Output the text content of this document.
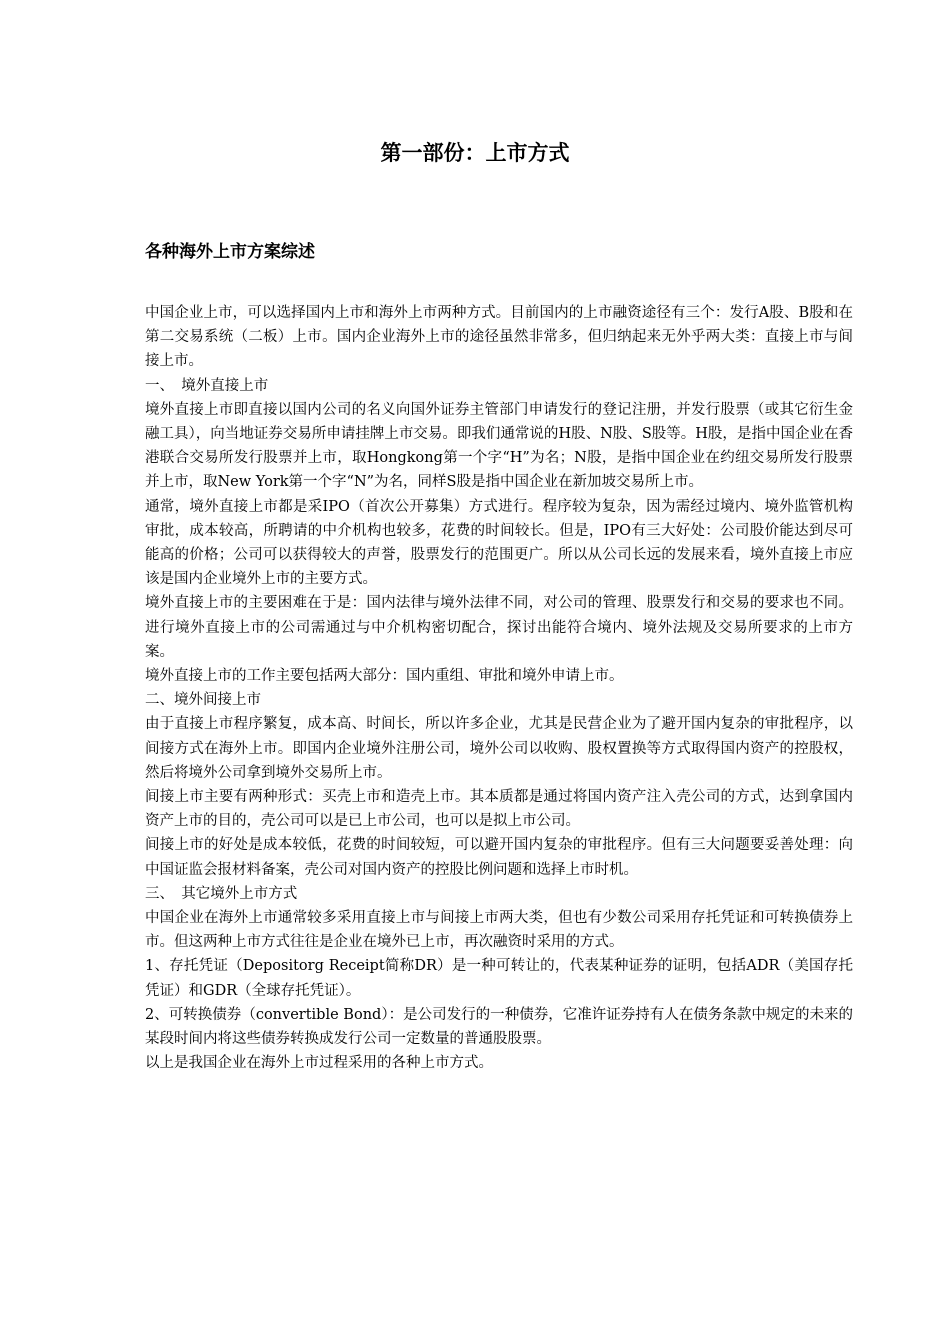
第一部份：上市方式
各种海外上市方案综述

中国企业上市，可以选择国内上市和海外上市两种方式。目前国内的上市融资途径有三个：发行A股、B股和在第二交易系统（二板）上市。国内企业海外上市的途径虽然非常多，但归纳起来无外乎两大类：直接上市与间接上市。

一、　境外直接上市

境外直接上市即直接以国内公司的名义向国外证券主管部门申请发行的登记注册，并发行股票（或其它衍生金融工具），向当地证券交易所申请挂牌上市交易。即我们通常说的H股、N股、S股等。H股，是指中国企业在香港联合交易所发行股票并上市，取Hongkong第一个字“H”为名；N股，是指中国企业在约纽交易所发行股票并上市，取New York第一个字“N”为名，同样S股是指中国企业在新加坡交易所上市。

通常，境外直接上市都是采IPO（首次公开募集）方式进行。程序较为复杂，因为需经过境内、境外监管机构审批，成本较高，所聘请的中介机构也较多，花费的时间较长。但是，IPO有三大好处：公司股价能达到尽可能高的价格；公司可以获得较大的声誉，股票发行的范围更广。所以从公司长远的发展来看，境外直接上市应该是国内企业境外上市的主要方式。

境外直接上市的主要困难在于是：国内法律与境外法律不同，对公司的管理、股票发行和交易的要求也不同。进行境外直接上市的公司需通过与中介机构密切配合，探讨出能符合境内、境外法规及交易所要求的上市方案。

境外直接上市的工作主要包括两大部分：国内重组、审批和境外申请上市。

二、境外间接上市

由于直接上市程序繁复，成本高、时间长，所以许多企业，尤其是民营企业为了避开国内复杂的审批程序，以间接方式在海外上市。即国内企业境外注册公司，境外公司以收购、股权置换等方式取得国内资产的控股权，然后将境外公司拿到境外交易所上市。

间接上市主要有两种形式：买壳上市和造壳上市。其本质都是通过将国内资产注入壳公司的方式，达到拿国内资产上市的目的，壳公司可以是已上市公司，也可以是拟上市公司。

间接上市的好处是成本较低，花费的时间较短，可以避开国内复杂的审批程序。但有三大问题要妥善处理：向中国证监会报材料备案，壳公司对国内资产的控股比例问题和选择上市时机。

三、　其它境外上市方式

中国企业在海外上市通常较多采用直接上市与间接上市两大类，但也有少数公司采用存托凭证和可转换债券上市。但这两种上市方式往往是企业在境外已上市，再次融资时采用的方式。

1、存托凭证（Depositorg Receipt简称DR）是一种可转让的，代表某种证券的证明，包括ADR（美国存托凭证）和GDR（全球存托凭证）。

2、可转换债券（convertible Bond）：是公司发行的一种债券，它准许证券持有人在债务条款中规定的未来的某段时间内将这些债券转换成发行公司一定数量的普通股股票。

以上是我国企业在海外上市过程采用的各种上市方式。
